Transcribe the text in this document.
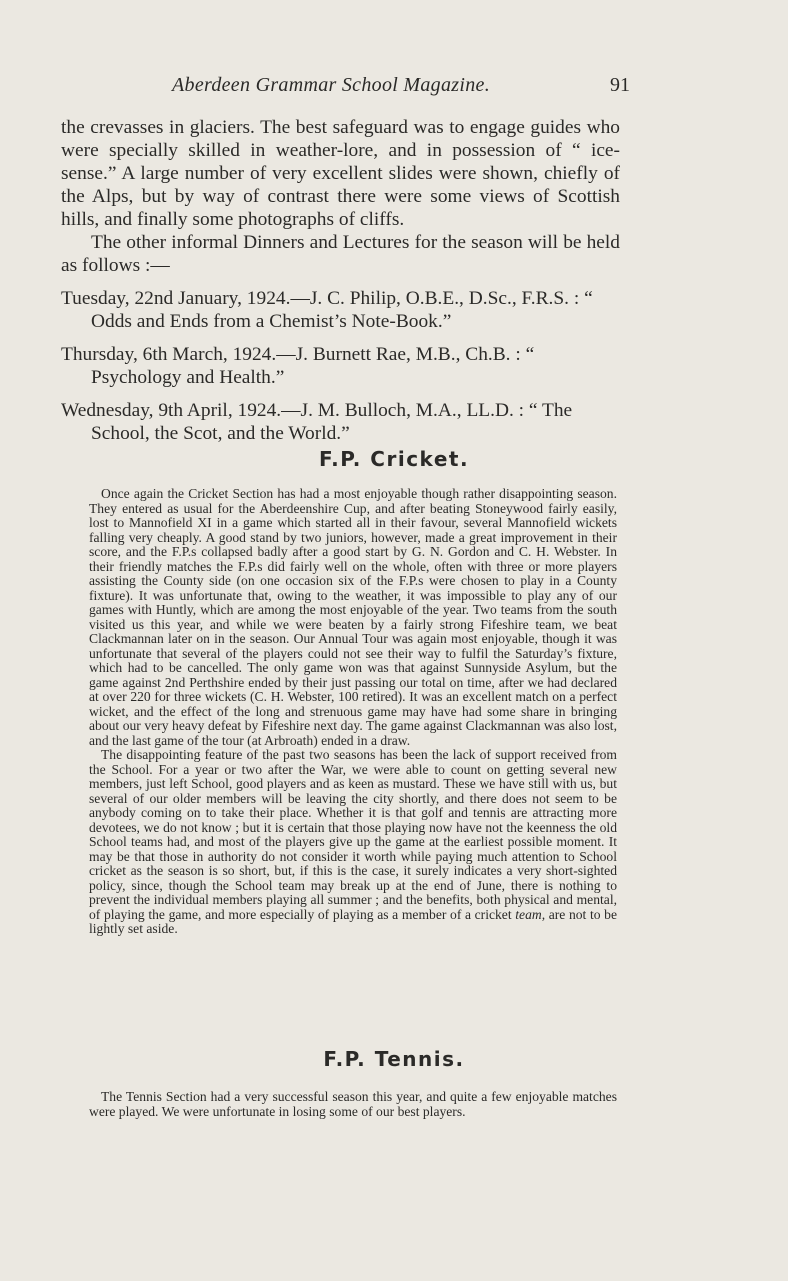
Aberdeen Grammar School Magazine.	91

the crevasses in glaciers. The best safeguard was to engage guides who were specially skilled in weather-lore, and in possession of “ ice-sense.” A large number of very excellent slides were shown, chiefly of the Alps, but by way of contrast there were some views of Scottish hills, and finally some photographs of cliffs.

The other informal Dinners and Lectures for the season will be held as follows :—

Tuesday, 22nd January, 1924.—J. C. Philip, O.B.E., D.Sc., F.R.S. : “ Odds and Ends from a Chemist’s Note-Book.”

Thursday, 6th March, 1924.—J. Burnett Rae, M.B., Ch.B. : “ Psychology and Health.”

Wednesday, 9th April, 1924.—J. M. Bulloch, M.A., LL.D. : “ The School, the Scot, and the World.”

F.P. Cricket.

Once again the Cricket Section has had a most enjoyable though rather disappointing season. They entered as usual for the Aberdeenshire Cup, and after beating Stoneywood fairly easily, lost to Mannofield XI in a game which started all in their favour, several Mannofield wickets falling very cheaply. A good stand by two juniors, however, made a great improvement in their score, and the F.P.s collapsed badly after a good start by G. N. Gordon and C. H. Webster. In their friendly matches the F.P.s did fairly well on the whole, often with three or more players assisting the County side (on one occasion six of the F.P.s were chosen to play in a County fixture). It was unfortunate that, owing to the weather, it was impossible to play any of our games with Huntly, which are among the most enjoyable of the year. Two teams from the south visited us this year, and while we were beaten by a fairly strong Fifeshire team, we beat Clackmannan later on in the season. Our Annual Tour was again most enjoyable, though it was unfortunate that several of the players could not see their way to fulfil the Saturday’s fixture, which had to be cancelled. The only game won was that against Sunnyside Asylum, but the game against 2nd Perthshire ended by their just passing our total on time, after we had declared at over 220 for three wickets (C. H. Webster, 100 retired). It was an excellent match on a perfect wicket, and the effect of the long and strenuous game may have had some share in bringing about our very heavy defeat by Fifeshire next day. The game against Clackmannan was also lost, and the last game of the tour (at Arbroath) ended in a draw.

The disappointing feature of the past two seasons has been the lack of support received from the School. For a year or two after the War, we were able to count on getting several new members, just left School, good players and as keen as mustard. These we have still with us, but several of our older members will be leaving the city shortly, and there does not seem to be anybody coming on to take their place. Whether it is that golf and tennis are attracting more devotees, we do not know ; but it is certain that those playing now have not the keenness the old School teams had, and most of the players give up the game at the earliest possible moment. It may be that those in authority do not consider it worth while paying much attention to School cricket as the season is so short, but, if this is the case, it surely indicates a very short-sighted policy, since, though the School team may break up at the end of June, there is nothing to prevent the individual members playing all summer ; and the benefits, both physical and mental, of playing the game, and more especially of playing as a member of a cricket team, are not to be lightly set aside.

F.P. Tennis.

The Tennis Section had a very successful season this year, and quite a few enjoyable matches were played. We were unfortunate in losing some of our best players.
